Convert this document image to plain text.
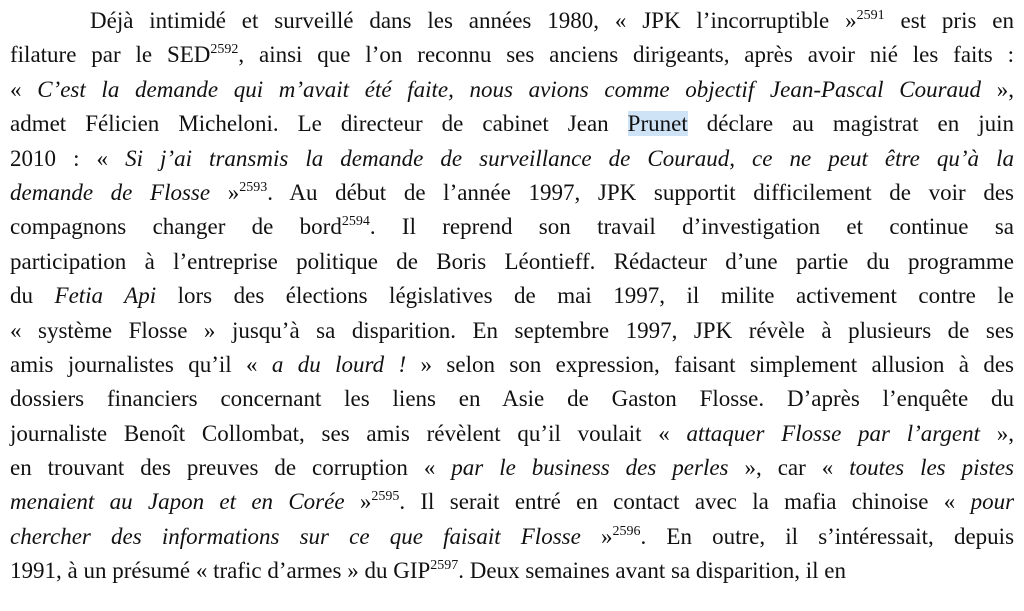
Déjà intimidé et surveillé dans les années 1980, « JPK l’incorruptible »$^{2591}$ est pris en
filature par le SED$^{2592}$, ainsi que l’on reconnu ses anciens dirigeants, après avoir nié les faits :
« C’est la demande qui m’avait été faite, nous avions comme objectif Jean-Pascal Couraud »,
admet Félicien Micheloni. Le directeur de cabinet Jean Prunet déclare au magistrat en juin
2010 : « Si j’ai transmis la demande de surveillance de Couraud, ce ne peut être qu’à la
demande de Flosse »$^{2593}$. Au début de l’année 1997, JPK supportit difficilement de voir des
compagnons changer de bord$^{2594}$. Il reprend son travail d’investigation et continue sa
participation à l’entreprise politique de Boris Léontieff. Rédacteur d’une partie du programme
du Fetia Api lors des élections législatives de mai 1997, il milite activement contre le
« système Flosse » jusqu’à sa disparition. En septembre 1997, JPK révèle à plusieurs de ses
amis journalistes qu’il « a du lourd ! » selon son expression, faisant simplement allusion à des
dossiers financiers concernant les liens en Asie de Gaston Flosse. D’après l’enquête du
journaliste Benoît Collombat, ses amis révèlent qu’il voulait « attaquer Flosse par l’argent »,
en trouvant des preuves de corruption « par le business des perles », car « toutes les pistes
menaient au Japon et en Corée »$^{2595}$. Il serait entré en contact avec la mafia chinoise « pour
chercher des informations sur ce que faisait Flosse »$^{2596}$. En outre, il s’intéressait, depuis
1991, à un présumé « trafic d’armes » du GIP$^{2597}$. Deux semaines avant sa disparition, il en
